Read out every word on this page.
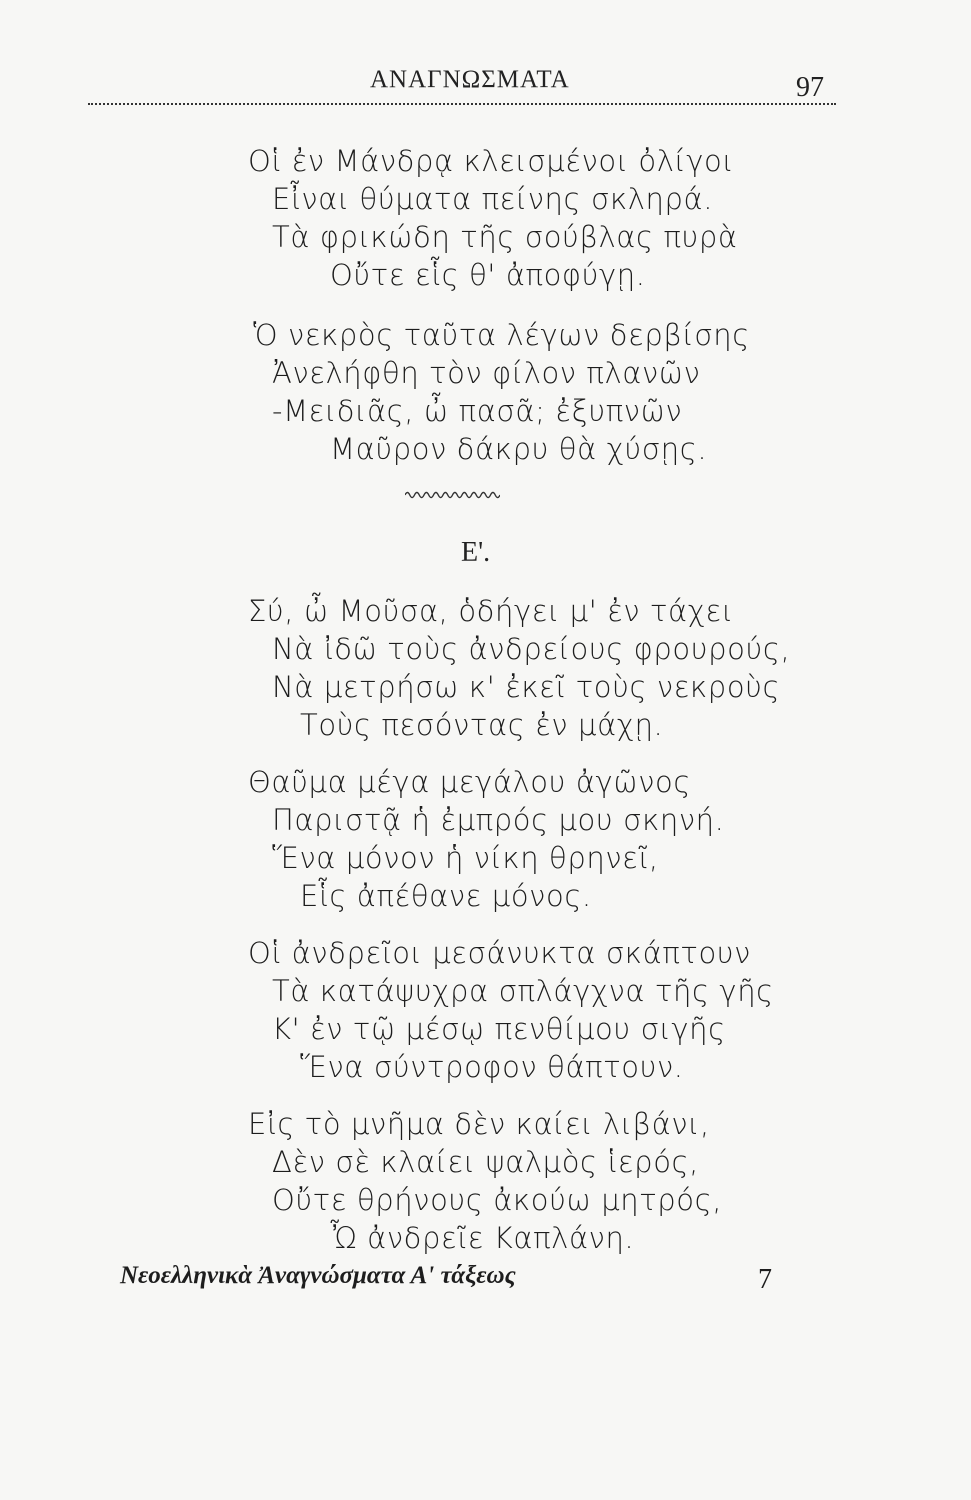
ΑΝΑΓΝΩΣΜΑΤΑ	97
Οἱ ἐν Μάνδρᾳ κλεισμένοι ὀλίγοι
Εἶναι θύματα πείνης σκληρά.
Τὰ φρικώδη τῆς σούβλας πυρὰ
Οὔτε εἷς θ' ἀποφύγῃ.
Ὁ νεκρὸς ταῦτα λέγων δερβίσης
Ἀνελήφθη τὸν φίλον πλανῶν
-Μειδιᾶς, ὦ πασᾶ; ἐξυπνῶν
Μαῦρον δάκρυ θὰ χύσῃς.
Ε'.
Σύ, ὦ Μοῦσα, ὁδήγει μ' ἐν τάχει
Νὰ ἰδῶ τοὺς ἀνδρείους φρουρούς,
Νὰ μετρήσω κ' ἐκεῖ τοὺς νεκροὺς
Τοὺς πεσόντας ἐν μάχῃ.
Θαῦμα μέγα μεγάλου ἀγῶνος
Παριστᾷ ἡ ἐμπρός μου σκηνή.
Ἕνα μόνον ἡ νίκη θρηνεῖ,
Εἷς ἀπέθανε μόνος.
Οἱ ἀνδρεῖοι μεσάνυκτα σκάπτουν
Τὰ κατάψυχρα σπλάγχνα τῆς γῆς
Κ' ἐν τῷ μέσῳ πενθίμου σιγῆς
Ἕνα σύντροφον θάπτουν.
Εἰς τὸ μνῆμα δὲν καίει λιβάνι,
Δὲν σὲ κλαίει ψαλμὸς ἱερός,
Οὔτε θρήνους ἀκούω μητρός,
Ὦ ἀνδρεῖε Καπλάνη.
Νεοελληνικὰ Ἀναγνώσματα Α' τάξεως	7
